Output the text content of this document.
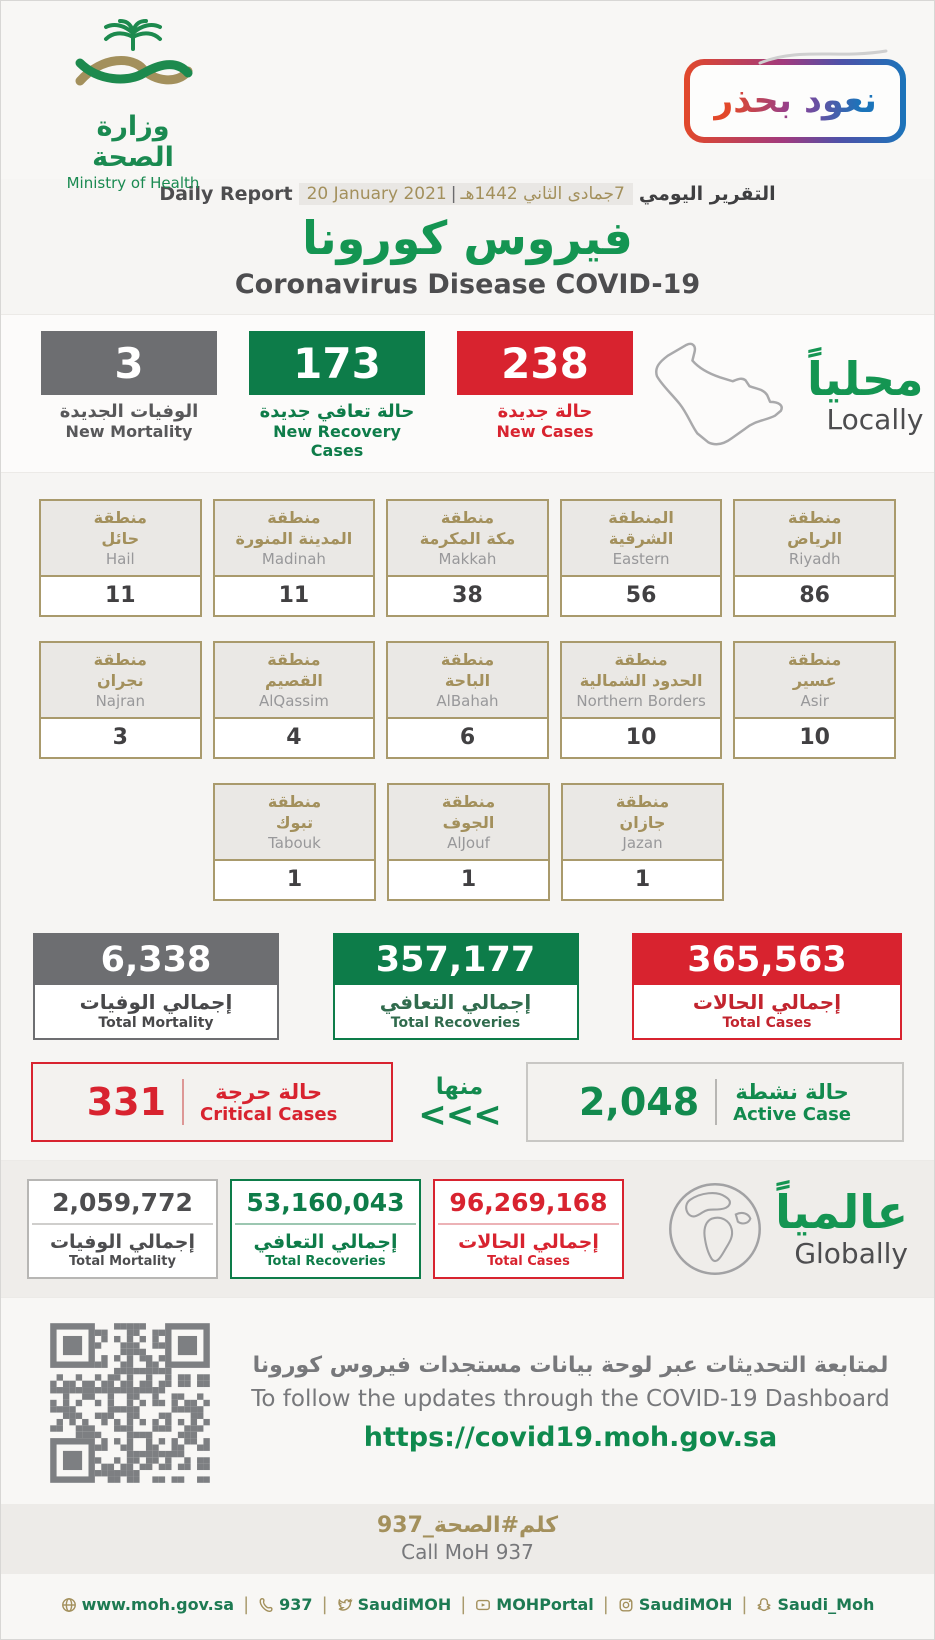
وزارة الصحة
Ministry of Health
نعود بحذر
Daily Report 20 January 2021 | 7جمادى الثاني 1442هـ التقرير اليومي
فيروس كورونا
Coronavirus Disease COVID-19
3
الوفيات الجديدة
New Mortality
173
حالة تعافي جديدة
New Recovery Cases
238
حالة جديدة
New Cases
محلياً
Locally
منطقة
حائل
Hail
11
منطقة
المدينة المنورة
Madinah
11
منطقة
مكة المكرمة
Makkah
38
المنطقة
الشرقية
Eastern
56
منطقة
الرياض
Riyadh
86
منطقة
نجران
Najran
3
منطقة
القصيم
AlQassim
4
منطقة
الباحة
AlBahah
6
منطقة
الحدود الشمالية
Northern Borders
10
منطقة
عسير
Asir
10
منطقة
تبوك
Tabouk
1
منطقة
الجوف
AlJouf
1
منطقة
جازان
Jazan
1
6,338
إجمالي الوفيات
Total Mortality
357,177
إجمالي التعافي
Total Recoveries
365,563
إجمالي الحالات
Total Cases
331	حالة حرجة
Critical Cases
منها
<<<	2,048 حالة نشطة
Active Case
2,059,772
إجمالي الوفيات
Total Mortality
53,160,043
إجمالي التعافي
Total Recoveries
96,269,168
إجمالي الحالات
Total Cases
عالمياً
Globally
لمتابعة التحديثات عبر لوحة بيانات مستجدات فيروس كورونا
To follow the updates through the COVID-19 Dashboard
https://covid19.moh.gov.sa
كلم#الصحة_937
Call MoH 937
www.moh.gov.sa | 937 | SaudiMOH | MOHPortal | SaudiMOH | Saudi_Moh
